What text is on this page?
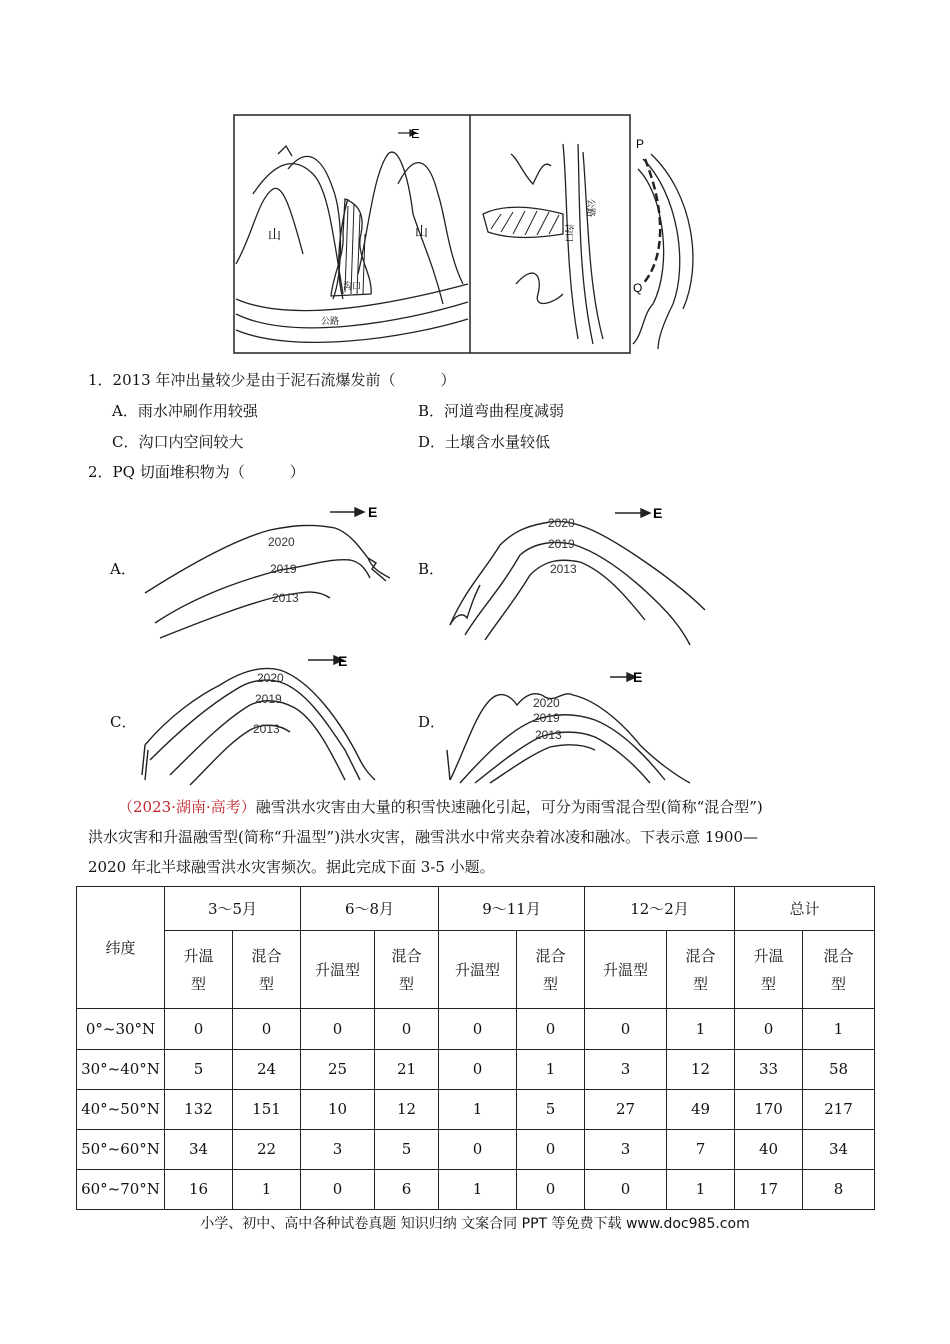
E
山	山
沟口
公路
公路
沟口
P
Q
1．2013 年冲出量较少是由于泥石流爆发前（　　　）
A．雨水冲刷作用较强	B．河道弯曲程度减弱
C．沟口内空间较大	D．土壤含水量较低
2．PQ 切面堆积物为（　　　）
A．
2020
2019
2013
E
B．
2020
2019
2013
E
C．
2020
2019
2013
E
D．
2020
2019
2013
E
（2023·湖南·高考）融雪洪水灾害由大量的积雪快速融化引起，可分为雨雪混合型(简称“混合型”)
洪水灾害和升温融雪型(简称“升温型”)洪水灾害，融雪洪水中常夹杂着冰凌和融冰。下表示意 1900—
2020 年北半球融雪洪水灾害频次。据此完成下面 3-5 小题。
纬度	3～5月		6～8月		9～11月		12～2月		总计	
	升温型	混合型	升温型	混合型	升温型	混合型	升温型	混合型	升温型	混合型
0°~30°N	0	0	0	0	0	0	0	1	0	1
30°~40°N	5	24	25	21	0	1	3	12	33	58
40°~50°N	132	151	10	12	1	5	27	49	170	217
50°~60°N	34	22	3	5	0	0	3	7	40	34
60°~70°N	16	1	0	6	1	0	0	1	17	8
小学、初中、高中各种试卷真题 知识归纳 文案合同 PPT 等免费下载 www.doc985.com
